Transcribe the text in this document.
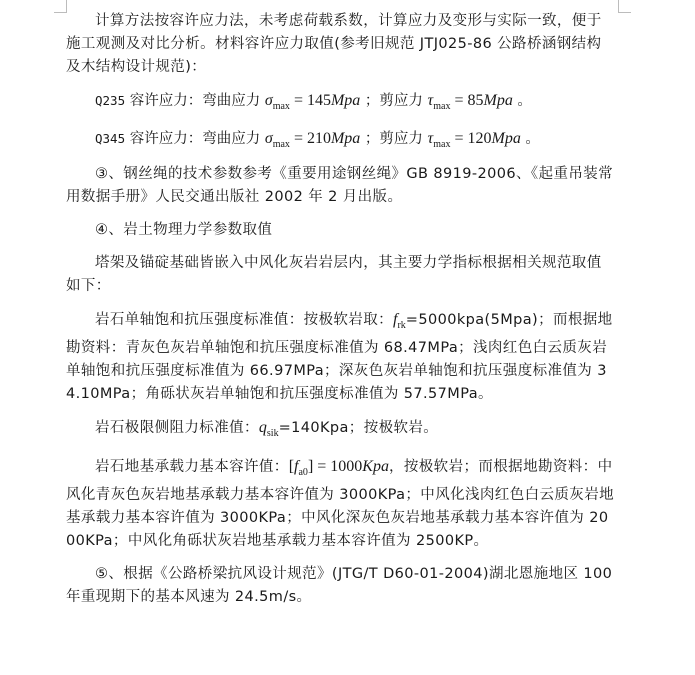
计算方法按容许应力法，未考虑荷载系数，计算应力及变形与实际一致，便于施工观测及对比分析。材料容许应力取值(参考旧规范 JTJ025-86 公路桥涵钢结构及木结构设计规范)：

Q235 容许应力：弯曲应力 $\sigma_{max} = 145Mpa$ ；剪应力 $\tau_{max} = 85Mpa$ 。
Q345 容许应力：弯曲应力 $\sigma_{max} = 210Mpa$ ；剪应力 $\tau_{max} = 120Mpa$ 。

③、钢丝绳的技术参数参考《重要用途钢丝绳》GB 8919-2006、《起重吊装常用数据手册》人民交通出版社 2002 年 2 月出版。

④、岩土物理力学参数取值

塔架及锚碇基础皆嵌入中风化灰岩岩层内，其主要力学指标根据相关规范取值如下：

岩石单轴饱和抗压强度标准值：按极软岩取：$f_{rk}=5000kpa(5Mpa)$；而根据地勘资料：青灰色灰岩单轴饱和抗压强度标准值为 68.47MPa；浅肉红色白云质灰岩单轴饱和抗压强度标准值为 66.97MPa；深灰色灰岩单轴饱和抗压强度标准值为 34.10MPa；角砾状灰岩单轴饱和抗压强度标准值为 57.57MPa。

岩石极限侧阻力标准值：$q_{sik}=140Kpa$；按极软岩。

岩石地基承载力基本容许值：$[f_{a0}] = 1000Kpa$，按极软岩；而根据地勘资料：中风化青灰色灰岩地基承载力基本容许值为 3000KPa；中风化浅肉红色白云质灰岩地基承载力基本容许值为 3000KPa；中风化深灰色灰岩地基承载力基本容许值为 2000KPa；中风化角砾状灰岩地基承载力基本容许值为 2500KP。

⑤、根据《公路桥梁抗风设计规范》(JTG/T D60-01-2004)湖北恩施地区 100 年重现期下的基本风速为 24.5m/s。
